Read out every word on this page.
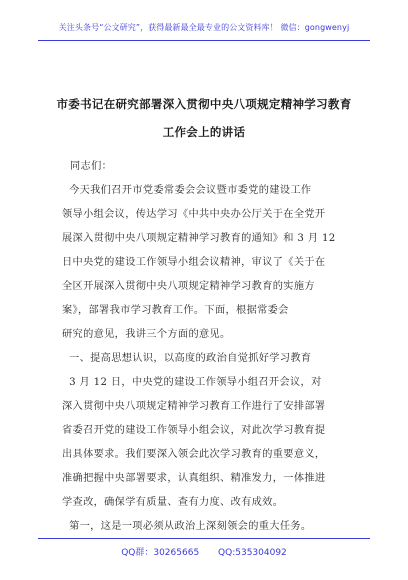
关注头条号“公文研究”，获得最新最全最专业的公文资料库！ 微信：gongwenyj
市委书记在研究部署深入贯彻中央八项规定精神学习教育
工作会上的讲话
同志们：
　　今天我们召开市党委常委会会议暨市委党的建设工作
领导小组会议，传达学习《中共中央办公厅关于在全党开
展深入贯彻中央八项规定精神学习教育的通知》和 3 月 12
日中央党的建设工作领导小组会议精神，审议了《关于在
全区开展深入贯彻中央八项规定精神学习教育的实施方
案》，部署我市学习教育工作。下面，根据常委会
研究的意见，我讲三个方面的意见。
　　一、提高思想认识，以高度的政治自觉抓好学习教育
　　3 月 12 日，中央党的建设工作领导小组召开会议，对
深入贯彻中央八项规定精神学习教育工作进行了安排部署
省委召开党的建设工作领导小组会议，对此次学习教育提
出具体要求。我们要深入领会此次学习教育的重要意义，
准确把握中央部署要求，认真组织、精准发力，一体推进
学查改，确保学有质量、查有力度、改有成效。
　　第一，这是一项必须从政治上深刻领会的重大任务。
QQ群：30265665 QQ:535304092
